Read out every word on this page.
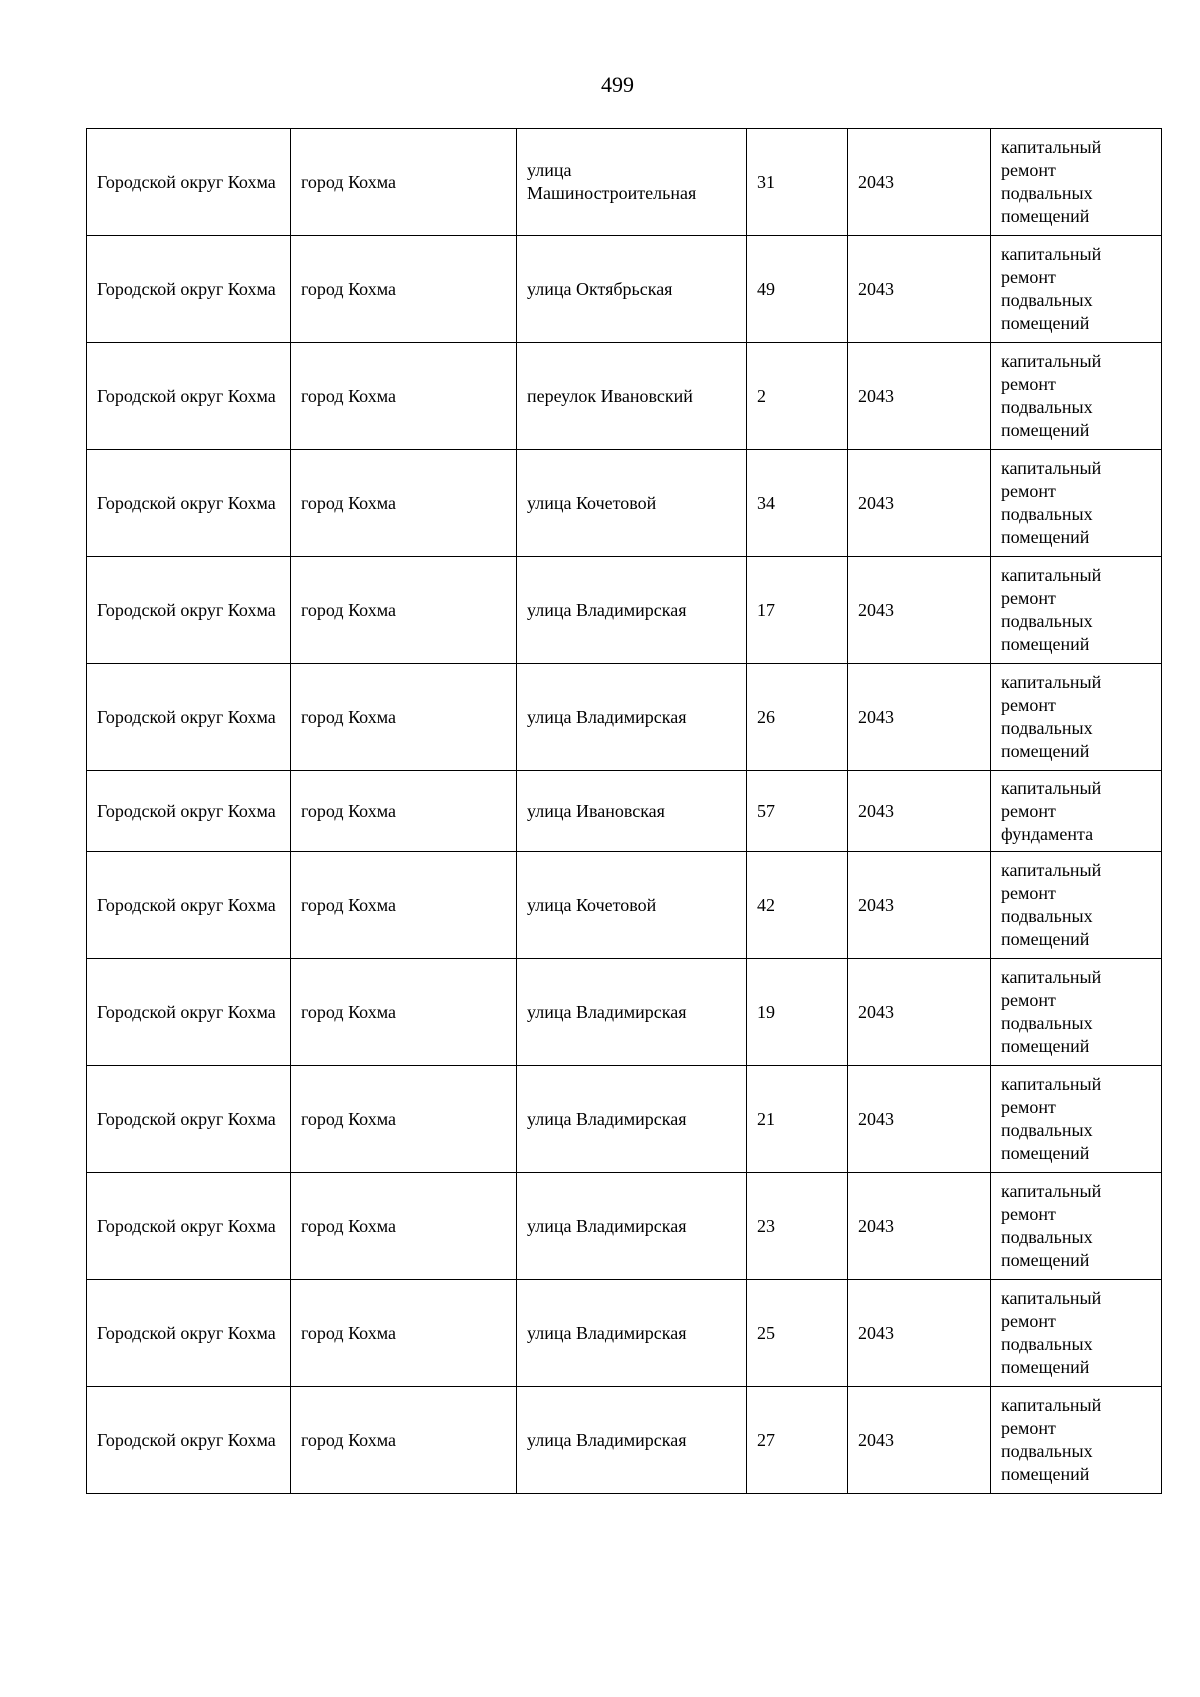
499
Городской округ Кохма	город Кохма	улица Машиностроительная	31	2043	капитальный ремонт подвальных помещений
Городской округ Кохма	город Кохма	улица Октябрьская	49	2043	капитальный ремонт подвальных помещений
Городской округ Кохма	город Кохма	переулок Ивановский	2	2043	капитальный ремонт подвальных помещений
Городской округ Кохма	город Кохма	улица Кочетовой	34	2043	капитальный ремонт подвальных помещений
Городской округ Кохма	город Кохма	улица Владимирская	17	2043	капитальный ремонт подвальных помещений
Городской округ Кохма	город Кохма	улица Владимирская	26	2043	капитальный ремонт подвальных помещений
Городской округ Кохма	город Кохма	улица Ивановская	57	2043	капитальный ремонт фундамента
Городской округ Кохма	город Кохма	улица Кочетовой	42	2043	капитальный ремонт подвальных помещений
Городской округ Кохма	город Кохма	улица Владимирская	19	2043	капитальный ремонт подвальных помещений
Городской округ Кохма	город Кохма	улица Владимирская	21	2043	капитальный ремонт подвальных помещений
Городской округ Кохма	город Кохма	улица Владимирская	23	2043	капитальный ремонт подвальных помещений
Городской округ Кохма	город Кохма	улица Владимирская	25	2043	капитальный ремонт подвальных помещений
Городской округ Кохма	город Кохма	улица Владимирская	27	2043	капитальный ремонт подвальных помещений
